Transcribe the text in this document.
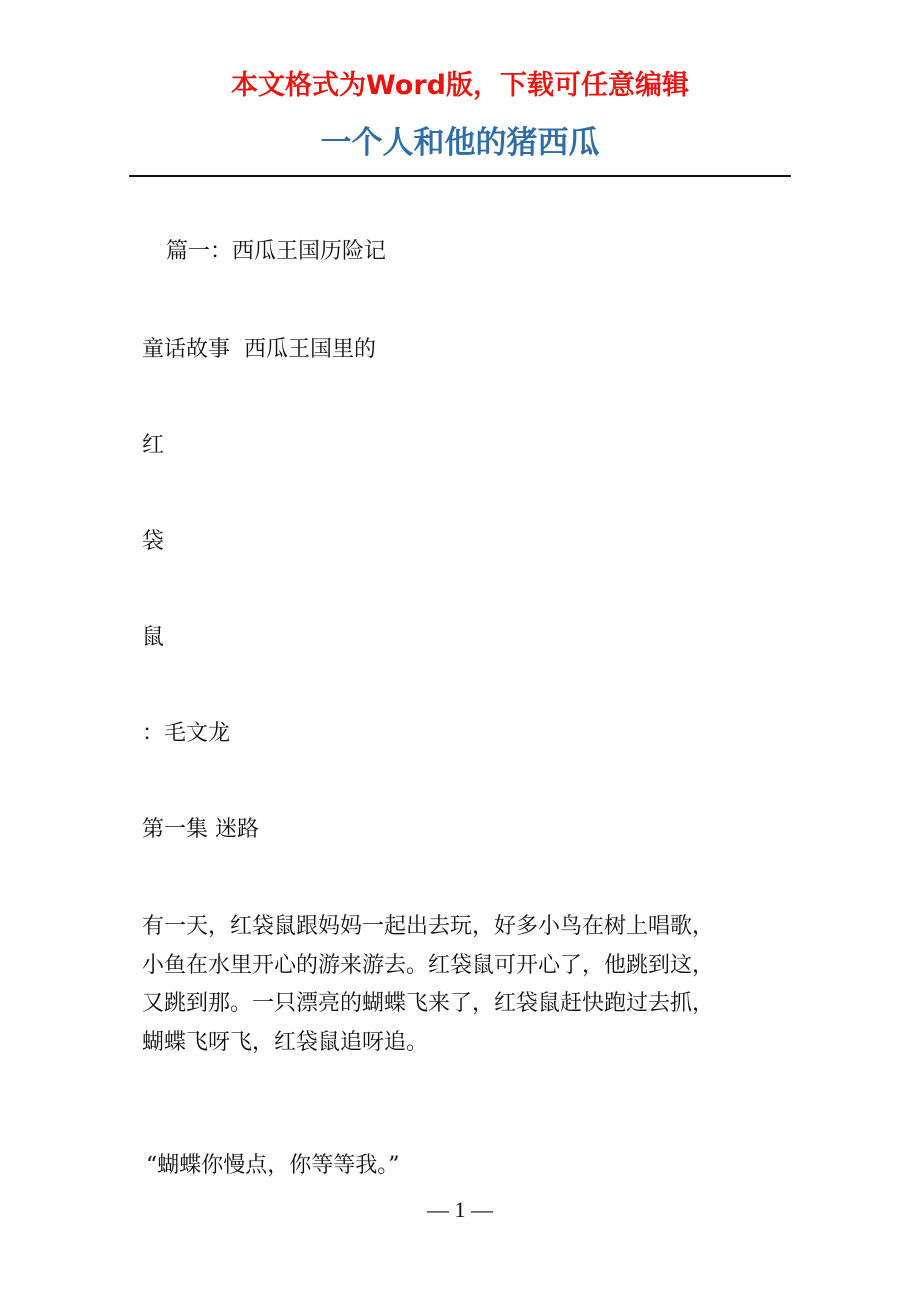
本文格式为Word版，下载可任意编辑

一个人和他的猪西瓜

篇一：西瓜王国历险记

童话故事 西瓜王国里的

红

袋

鼠

：毛文龙

第一集 迷路

有一天，红袋鼠跟妈妈一起出去玩，好多小鸟在树上唱歌，
小鱼在水里开心的游来游去。红袋鼠可开心了，他跳到这，
又跳到那。一只漂亮的蝴蝶飞来了，红袋鼠赶快跑过去抓，
蝴蝶飞呀飞，红袋鼠追呀追。

“蝴蝶你慢点，你等等我。”

— 1 —
